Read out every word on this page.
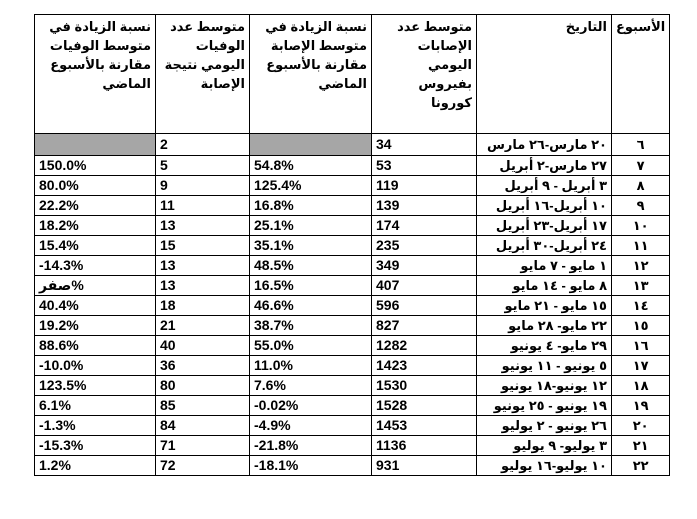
الأسبوع	التاريخ	متوسط عدد الإصابات اليومي بفيروس كورونا	نسبة الزيادة في متوسط الإصابة مقارنة بالأسبوع الماضي	متوسط عدد الوفيات اليومي نتيجة الإصابة	نسبة الزيادة في متوسط الوفيات مقارنة بالأسبوع الماضي
٦	٢٠ مارس-٢٦ مارس	34		2	
٧	٢٧ مارس-٢ أبريل	53	54.8%	5	150.0%
٨	٣ أبريل - ٩ أبريل	119	125.4%	9	80.0%
٩	١٠ أبريل-١٦ أبريل	139	16.8%	11	22.2%
١٠	١٧ أبريل-٢٣ أبريل	174	25.1%	13	18.2%
١١	٢٤ أبريل-٣٠ أبريل	235	35.1%	15	15.4%
١٢	١ مايو - ٧ مايو	349	48.5%	13	-14.3%
١٣	٨ مايو - ١٤ مايو	407	16.5%	13	صفر%
١٤	١٥ مايو - ٢١ مايو	596	46.6%	18	40.4%
١٥	٢٢ مايو- ٢٨ مايو	827	38.7%	21	19.2%
١٦	٢٩ مايو- ٤ يونيو	1282	55.0%	40	88.6%
١٧	٥ يونيو - ١١ يونيو	1423	11.0%	36	-10.0%
١٨	١٢ يونيو-١٨ يونيو	1530	7.6%	80	123.5%
١٩	١٩ يونيو - ٢٥ يونيو	1528	-0.02%	85	6.1%
٢٠	٢٦ يونيو - ٢ يوليو	1453	-4.9%	84	-1.3%
٢١	٣ يوليو- ٩ يوليو	1136	-21.8%	71	-15.3%
٢٢	١٠ يوليو-١٦ يوليو	931	-18.1%	72	1.2%
